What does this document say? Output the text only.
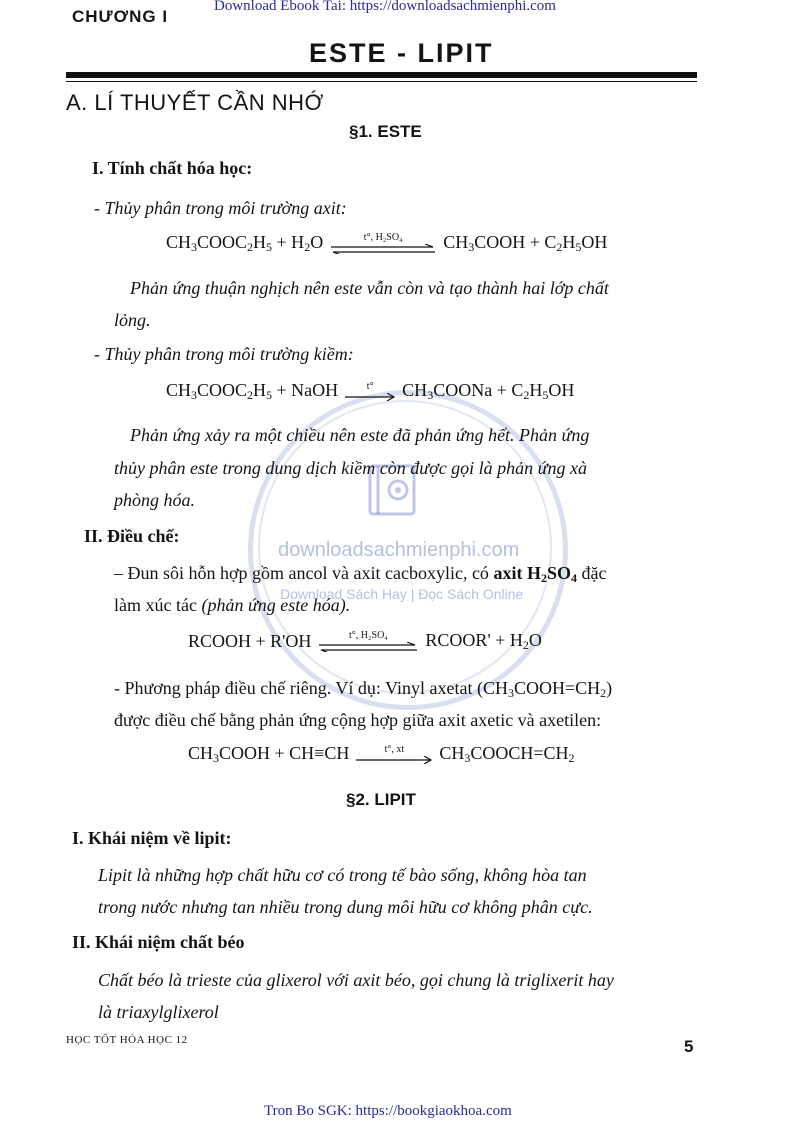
downloadsachmienphi.com
Download Sách Hay | Đọc Sách Online
Download Ebook Tai: https://downloadsachmienphi.com
CHƯƠNG I
ESTE - LIPIT
A. LÍ THUYẾT CẦN NHỚ
§1. ESTE
I. Tính chất hóa học:
- Thủy phân trong môi trường axit:
$CH_3COOC_2H_5 + H_2O$	t°, H₂SO₄ $CH_3COOH + C_2H_5OH$
Phản ứng thuận nghịch nên este vẫn còn và tạo thành hai lớp chất
lỏng.
- Thủy phân trong môi trường kiềm:
$CH_3COOC_2H_5$ + NaOH	t° $CH_3COONa + C_2H_5OH$
Phản ứng xảy ra một chiều nên este đã phản ứng hết. Phản ứng
thủy phân este trong dung dịch kiềm còn được gọi là phản ứng xà
phòng hóa.
II. Điều chế:
– Đun sôi hỗn hợp gồm ancol và axit cacboxylic, có axit $H_2SO_4$ đặc
làm xúc tác (phản ứng este hóa).
RCOOH + R'OH	t°, H₂SO₄ RCOOR' + $H_2O$
- Phương pháp điều chế riêng. Ví dụ: Vinyl axetat $(CH_3COOH=CH_2)$
được điều chế bằng phản ứng cộng hợp giữa axit axetic và axetilen:
$CH_3COOH + CH\equiv CH$	t°, xt $CH_3COOCH=CH_2$
§2. LIPIT
I. Khái niệm về lipit:
Lipit là những hợp chất hữu cơ có trong tế bào sống, không hòa tan
trong nước nhưng tan nhiều trong dung môi hữu cơ không phân cực.
II. Khái niệm chất béo
Chất béo là trieste của glixerol với axit béo, gọi chung là triglixerit hay
là triaxylglixerol
HỌC TỐT HÓA HỌC 12	5
Tron Bo SGK: https://bookgiaokhoa.com
